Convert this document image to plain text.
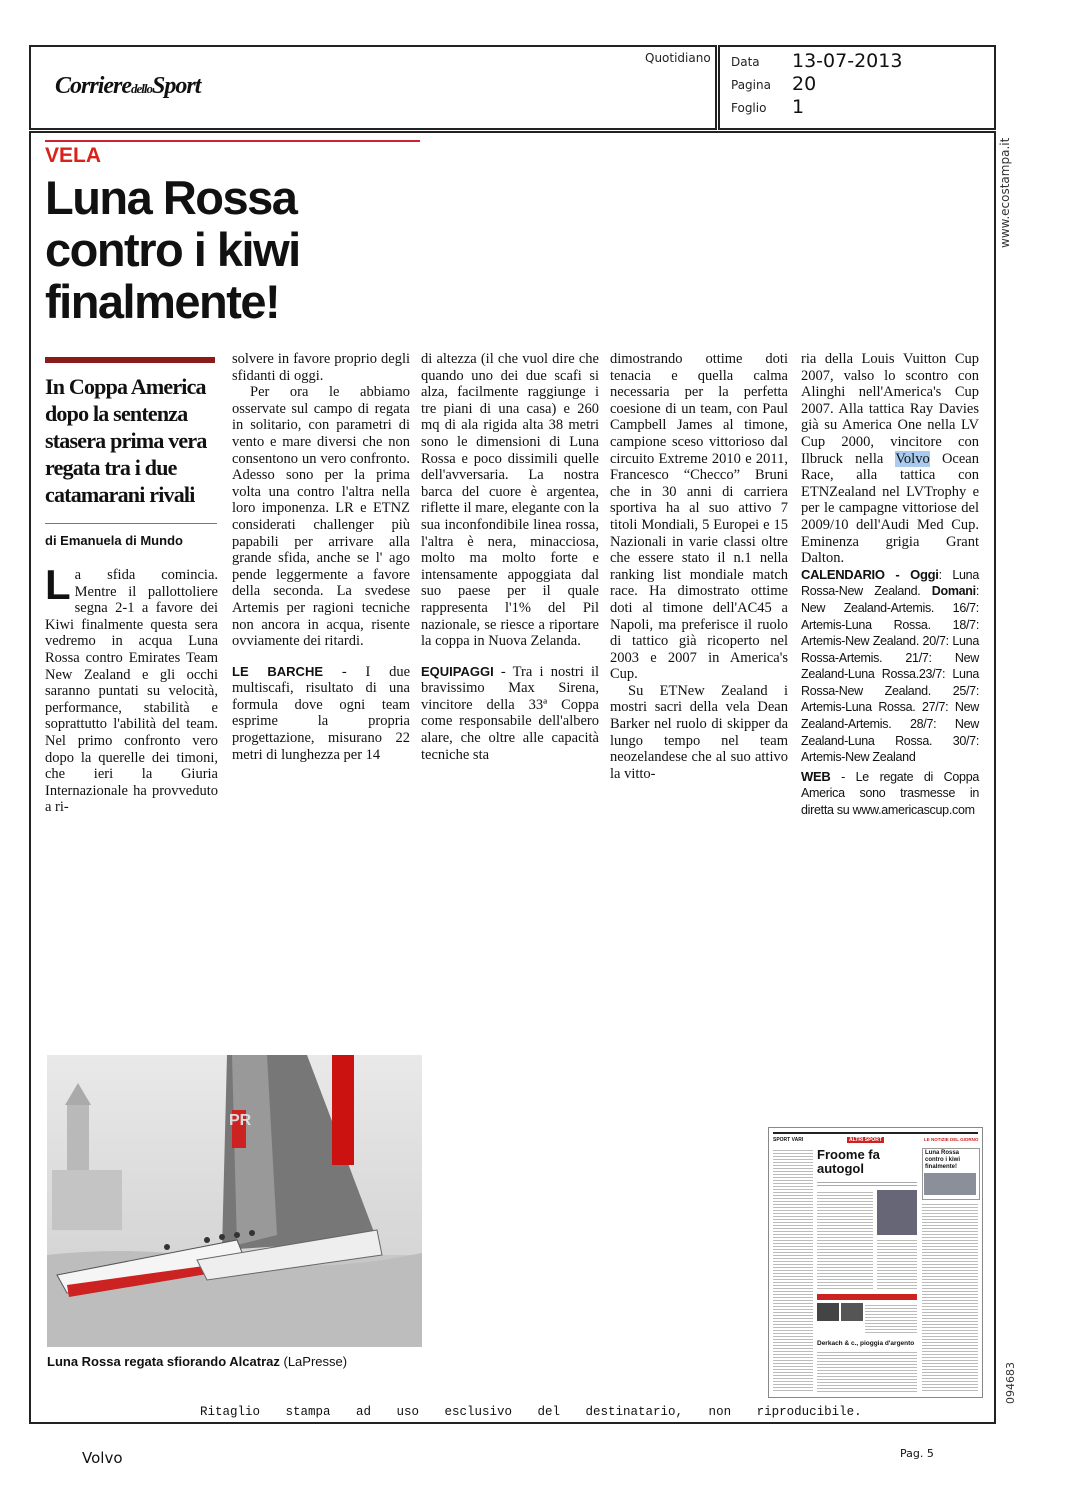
CorrieredelloSport
Quotidiano Data 13-07-2013
Pagina 20
Foglio 1
www.ecostampa.it
094683
VELA
Luna Rossa
contro i kiwi
finalmente!
In Coppa America
dopo la sentenza
stasera prima vera
regata tra i due
catamarani rivali
di Emanuela di Mundo
La sfida comincia. Mentre il pallottoliere segna 2-1 a favore dei Kiwi finalmente questa sera vedremo in acqua Luna Rossa contro Emirates Team New Zealand e gli occhi saranno puntati su velocità, performance, stabilità e soprattutto l'abilità del team. Nel primo confronto vero dopo la querelle dei timoni, che ieri la Giuria Internazionale ha provveduto a ri-

solvere in favore proprio degli sfidanti di oggi.

Per ora le abbiamo osservate sul campo di regata in solitario, con parametri di vento e mare diversi che non consentono un vero confronto. Adesso sono per la prima volta una contro l'altra nella loro imponenza. LR e ETNZ considerati challenger più papabili per arrivare alla grande sfida, anche se l' ago pende leggermente a favore della seconda. La svedese Artemis per ragioni tecniche non ancora in acqua, risente ovviamente dei ritardi.

LE BARCHE - I due multiscafi, risultato di una formula dove ogni team esprime la propria progettazione, misurano 22 metri di lunghezza per 14

di altezza (il che vuol dire che quando uno dei due scafi si alza, facilmente raggiunge i tre piani di una casa) e 260 mq di ala rigida alta 38 metri sono le dimensioni di Luna Rossa e poco dissimili quelle dell'avversaria. La nostra barca del cuore è argentea, riflette il mare, elegante con la sua inconfondibile linea rossa, l'altra è nera, minacciosa, molto ma molto forte e intensamente appoggiata dal suo paese per il quale rappresenta l'1% del Pil nazionale, se riesce a riportare la coppa in Nuova Zelanda.

EQUIPAGGI - Tra i nostri il bravissimo Max Sirena, vincitore della 33ª Coppa come responsabile dell'albero alare, che oltre alle capacità tecniche sta

dimostrando ottime doti tenacia e quella calma necessaria per la perfetta coesione di un team, con Paul Campbell James al timone, campione sceso vittorioso dal circuito Extreme 2010 e 2011, Francesco “Checco” Bruni che in 30 anni di carriera sportiva ha al suo attivo 7 titoli Mondiali, 5 Europei e 15 Nazionali in varie classi oltre che essere stato il n.1 nella ranking list mondiale match race. Ha dimostrato ottime doti al timone dell'AC45 a Napoli, ma preferisce il ruolo di tattico già ricoperto nel 2003 e 2007 in America's Cup.

Su ETNew Zealand i mostri sacri della vela Dean Barker nel ruolo di skipper da lungo tempo nel team neozelandese che al suo attivo la vitto-

ria della Louis Vuitton Cup 2007, valso lo scontro con Alinghi nell'America's Cup 2007. Alla tattica Ray Davies già su America One nella LV Cup 2000, vincitore con Ilbruck nella Volvo Ocean Race, alla tattica con ETNZealand nel LVTrophy e per le campagne vittoriose del 2009/10 dell'Audi Med Cup. Eminenza grigia Grant Dalton.

CALENDARIO - Oggi: Luna Rossa-New Zealand. Domani: New Zealand-Artemis. 16/7: Artemis-Luna Rossa. 18/7: Artemis-New Zealand. 20/7: Luna Rossa-Artemis. 21/7: New Zealand-Luna Rossa.23/7: Luna Rossa-New Zealand. 25/7: Artemis-Luna Rossa. 27/7: New Zealand-Artemis. 28/7: New Zealand-Luna Rossa. 30/7: Artemis-New Zealand

WEB - Le regate di Coppa America sono trasmesse in diretta su www.americascup.com

PR
LUNA ROSSA
Luna Rossa regata sfiorando Alcatraz (LaPresse)
SPORT VARI	ALTRI SPORT	LE NOTIZIE DEL GIORNO
Froome fa autogol
Derkach & c., pioggia d'argento
Luna Rossa contro i kiwi finalmente!
Ritaglio stampa ad uso esclusivo del destinatario, non riproducibile.
Volvo	Pag. 5
